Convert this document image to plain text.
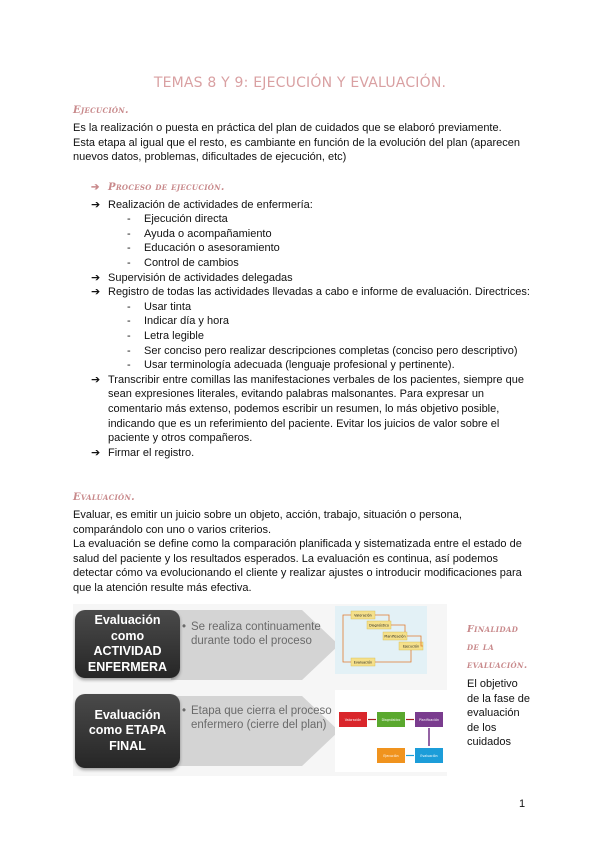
TEMAS 8 Y 9: EJECUCIÓN Y EVALUACIÓN.
Ejecución.

Es la realización o puesta en práctica del plan de cuidados que se elaboró previamente.

Esta etapa al igual que el resto, es cambiante en función de la evolución del plan (aparecen nuevos datos, problemas, dificultades de ejecución, etc)

➔ Proceso de ejecución.
➔ Realización de actividades de enfermería:
- Ejecución directa
- Ayuda o acompañamiento
- Educación o asesoramiento
- Control de cambios
➔ Supervisión de actividades delegadas
➔ Registro de todas las actividades llevadas a cabo e informe de evaluación. Directrices:
- Usar tinta
- Indicar día y hora
- Letra legible
- Ser conciso pero realizar descripciones completas (conciso pero descriptivo)
- Usar terminología adecuada (lenguaje profesional y pertinente).
➔ Transcribir entre comillas las manifestaciones verbales de los pacientes, siempre que sean expresiones literales, evitando palabras malsonantes. Para expresar un comentario más extenso, podemos escribir un resumen, lo más objetivo posible, indicando que es un referimiento del paciente. Evitar los juicios de valor sobre el paciente y otros compañeros.
➔ Firmar el registro.
Evaluación.

Evaluar, es emitir un juicio sobre un objeto, acción, trabajo, situación o persona, comparándolo con uno o varios criterios.

La evaluación se define como la comparación planificada y sistematizada entre el estado de salud del paciente y los resultados esperados. La evaluación es continua, así podemos detectar cómo va evolucionando el cliente y realizar ajustes o introducir modificaciones para que la atención resulte más efectiva.

Evaluación
como
ACTIVIDAD
ENFERMERA
• Se realiza continuamente durante todo el proceso
Valoración
Diagnóstico
Planificación
Ejecución
Evaluación
Evaluación
como ETAPA
FINAL
• Etapa que cierra el proceso enfermero (cierre del plan)	Valoración	Diagnóstico	Planificación
Ejecución	Evaluación
Finalidad
de la
evaluación.
El objetivo de la fase de evaluación de los cuidados
1
